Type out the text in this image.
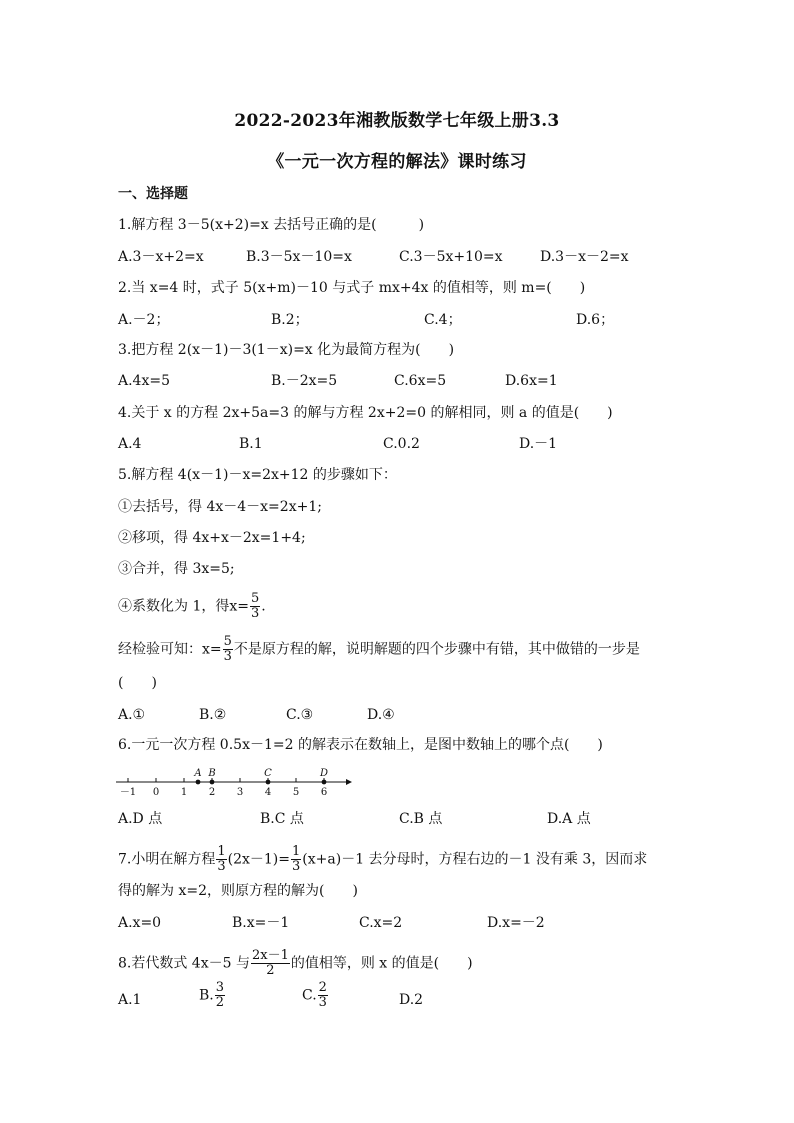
2022-2023年湘教版数学七年级上册3.3
《一元一次方程的解法》课时练习
一、选择题
1.解方程 3－5(x+2)=x 去括号正确的是(　　　)
A.3－x+2=x	B.3－5x－10=x	C.3－5x+10=x	D.3－x－2=x
2.当 x=4 时，式子 5(x+m)－10 与式子 mx+4x 的值相等，则 m=(　　)
A.－2；	B.2；	C.4；	D.6；
3.把方程 2(x－1)－3(1－x)=x 化为最简方程为(　　)
A.4x=5	B.－2x=5	C.6x=5	D.6x=1
4.关于 x 的方程 2x+5a=3 的解与方程 2x+2=0 的解相同，则 a 的值是(　　)
A.4	B.1	C.0.2	D.－1
5.解方程 4(x－1)－x=2x+12 的步骤如下：
①去括号，得 4x－4－x=2x+1;
②移项，得 4x+x－2x=1+4;
③合并，得 3x=5;
④系数化为 1，得$x= \frac{5}{3}$ .
经检验可知：$x= \frac{5}{3}$ 不是原方程的解，说明解题的四个步骤中有错，其中做错的一步是
(　　)
A.①	B.②	C.③	D.④
6.一元一次方程 0.5x－1=2 的解表示在数轴上，是图中数轴上的哪个点(　　)
－1 0 1 2 3 4 5 6
A B	C	D
A.D 点	B.C 点	C.B 点	D.A 点
7.小明在解方程 $\frac{1}{3} (2x-1)= \frac{1}{3} (x+a)-1$ 去分母时，方程右边的－1 没有乘 3，因而求
得的解为 x=2，则原方程的解为(　　)
A.x=0	B.x=－1	C.x=2	D.x=－2
8.若代数式 4x－5 与 $\frac{2x-1}{2}$ 的值相等，则 x 的值是(　　)
A.1	B. $\frac{3}{2}$	C. $\frac{2}{3}$	D.2
